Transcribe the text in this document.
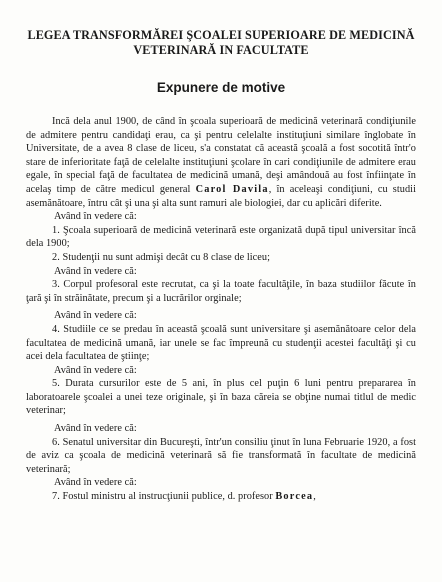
LEGEA TRANSFORMĂREI ŞCOALEI SUPERIOARE DE MEDICINĂ
VETERINARĂ IN FACULTATE

Expunere de motive

Incă dela anul 1900, de când în şcoala superioară de medicină veterinară condiţiunile de admitere pentru candidaţi erau, ca şi pentru celelalte instituţiuni similare înglobate în Universitate, de a avea 8 clase de liceu, s'a constatat că această şcoală a fost socotită într'o stare de inferioritate faţă de celelalte instituţiuni şcolare în cari condiţiunile de admitere erau egale, în special faţă de facultatea de medicină umană, deşi amândouă au fost înfiinţate în acelaş timp de către medicul general Carol Davila, în aceleaşi condiţiuni, cu studii asemănătoare, întru cât şi una şi alta sunt ramuri ale biologiei, dar cu aplicări diferite.

Având în vedere că:

1. Şcoala superioară de medicină veterinară este organizată după tipul universitar încă dela 1900;

2. Studenţii nu sunt admişi decât cu 8 clase de liceu;

Având în vedere că:

3. Corpul profesoral este recrutat, ca şi la toate facultăţile, în baza studiilor făcute în ţară şi în străinătate, precum şi a lucrărilor orginale;

Având în vedere că:

4. Studiile ce se predau în această şcoală sunt universitare şi asemănătoare celor dela facultatea de medicină umană, iar unele se fac împreună cu studenţii acestei facultăţi şi cu acei dela facultatea de ştiinţe;

Având în vedere că:

5. Durata cursurilor este de 5 ani, în plus cel puţin 6 luni pentru prepararea în laboratoarele şcoalei a unei teze originale, şi în baza căreia se obţine numai titlul de medic veterinar;

Având în vedere că:

6. Senatul universitar din Bucureşti, într'un consiliu ţinut în luna Februarie 1920, a fost de aviz ca şcoala de medicină veterinară să fie transformată în facultate de medicină veterinară;

Având în vedere că:

7. Fostul ministru al instrucţiunii publice, d. profesor Borcea,
